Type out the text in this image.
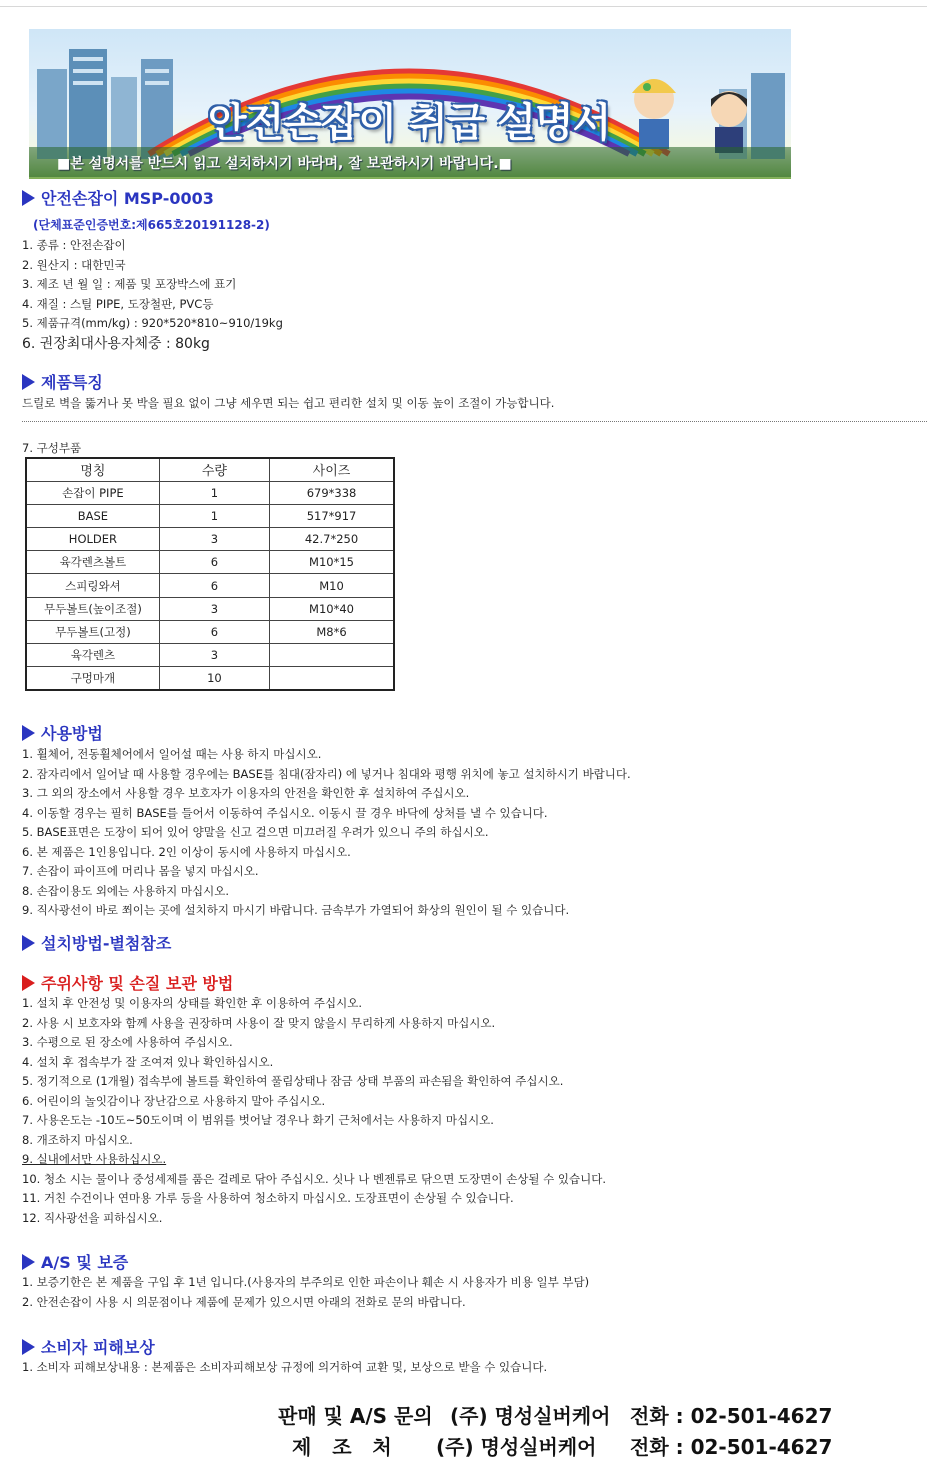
안전손잡이 취급 설명서
■본 설명서를 반드시 읽고 설치하시기 바라며, 잘 보관하시기 바랍니다.■
안전손잡이 MSP-0003
(단체표준인증번호:제665호20191128-2)
1. 종류 : 안전손잡이
2. 원산지 : 대한민국
3. 제조 년 월 일 : 제품 및 포장박스에 표기
4. 재질 : 스틸 PIPE, 도장철판, PVC등
5. 제품규격(mm/kg) : 920*520*810~910/19kg
6. 권장최대사용자체중 : 80kg
제품특징
드릴로 벽을 뚫거나 못 박을 필요 없이 그냥 세우면 되는 쉽고 편리한 설치 및 이동 높이 조절이 가능합니다.
7. 구성부품
명칭	수량	사이즈
손잡이 PIPE	1	679*338
BASE	1	517*917
HOLDER	3	42.7*250
육각렌츠볼트	6	M10*15
스피링와셔	6	M10
무두볼트(높이조절)	3	M10*40
무두볼트(고정)	6	M8*6
육각렌츠	3	
구멍마개	10	
사용방법
1. 휠체어, 전동휠체어에서 일어설 때는 사용 하지 마십시오.
2. 잠자리에서 일어날 때 사용할 경우에는 BASE를 침대(잠자리) 에 넣거나 침대와 평행 위치에 놓고 설치하시기 바랍니다.
3. 그 외의 장소에서 사용할 경우 보호자가 이용자의 안전을 확인한 후 설치하여 주십시오.
4. 이동할 경우는 필히 BASE를 들어서 이동하여 주십시오. 이동시 끌 경우 바닥에 상처를 낼 수 있습니다.
5. BASE표면은 도장이 되어 있어 양말을 신고 걸으면 미끄러질 우려가 있으니 주의 하십시오.
6. 본 제품은 1인용입니다. 2인 이상이 동시에 사용하지 마십시오.
7. 손잡이 파이프에 머리나 몸을 넣지 마십시오.
8. 손잡이용도 외에는 사용하지 마십시오.
9. 직사광선이 바로 쬐이는 곳에 설치하지 마시기 바랍니다. 금속부가 가열되어 화상의 원인이 될 수 있습니다.
설치방법-별첨참조
주위사항 및 손질 보관 방법
1. 설치 후 안전성 및 이용자의 상태를 확인한 후 이용하여 주십시오.
2. 사용 시 보호자와 함께 사용을 권장하며 사용이 잘 맞지 않을시 무리하게 사용하지 마십시오.
3. 수평으로 된 장소에 사용하여 주십시오.
4. 설치 후 접속부가 잘 조여져 있나 확인하십시오.
5. 정기적으로 (1개월) 접속부에 볼트를 확인하여 풀림상태나 잠금 상태 부품의 파손됨을 확인하여 주십시오.
6. 어린이의 놀잇감이나 장난감으로 사용하지 말아 주십시오.
7. 사용온도는 -10도~50도이며 이 범위를 벗어날 경우나 화기 근처에서는 사용하지 마십시오.
8. 개조하지 마십시오.
9. 실내에서만 사용하십시오.
10. 청소 시는 물이나 중성세제를 품은 걸레로 닦아 주십시오. 싯나 나 벤젠류로 닦으면 도장면이 손상될 수 있습니다.
11. 거친 수건이나 연마용 가루 등을 사용하여 청소하지 마십시오. 도장표면이 손상될 수 있습니다.
12. 직사광선을 피하십시오.
A/S 및 보증
1. 보증기한은 본 제품을 구입 후 1년 입니다.(사용자의 부주의로 인한 파손이나 훼손 시 사용자가 비용 일부 부담)
2. 안전손잡이 사용 시 의문점이나 제품에 문제가 있으시면 아래의 전화로 문의 바랍니다.
소비자 피해보상
1. 소비자 피해보상내용 : 본제품은 소비자피해보상 규정에 의거하여 교환 및, 보상으로 받을 수 있습니다.
판매 및 A/S 문의 (주) 명성실버케어 전화 : 02-501-4627
제   조   처 (주) 명성실버케어 전화 : 02-501-4627
